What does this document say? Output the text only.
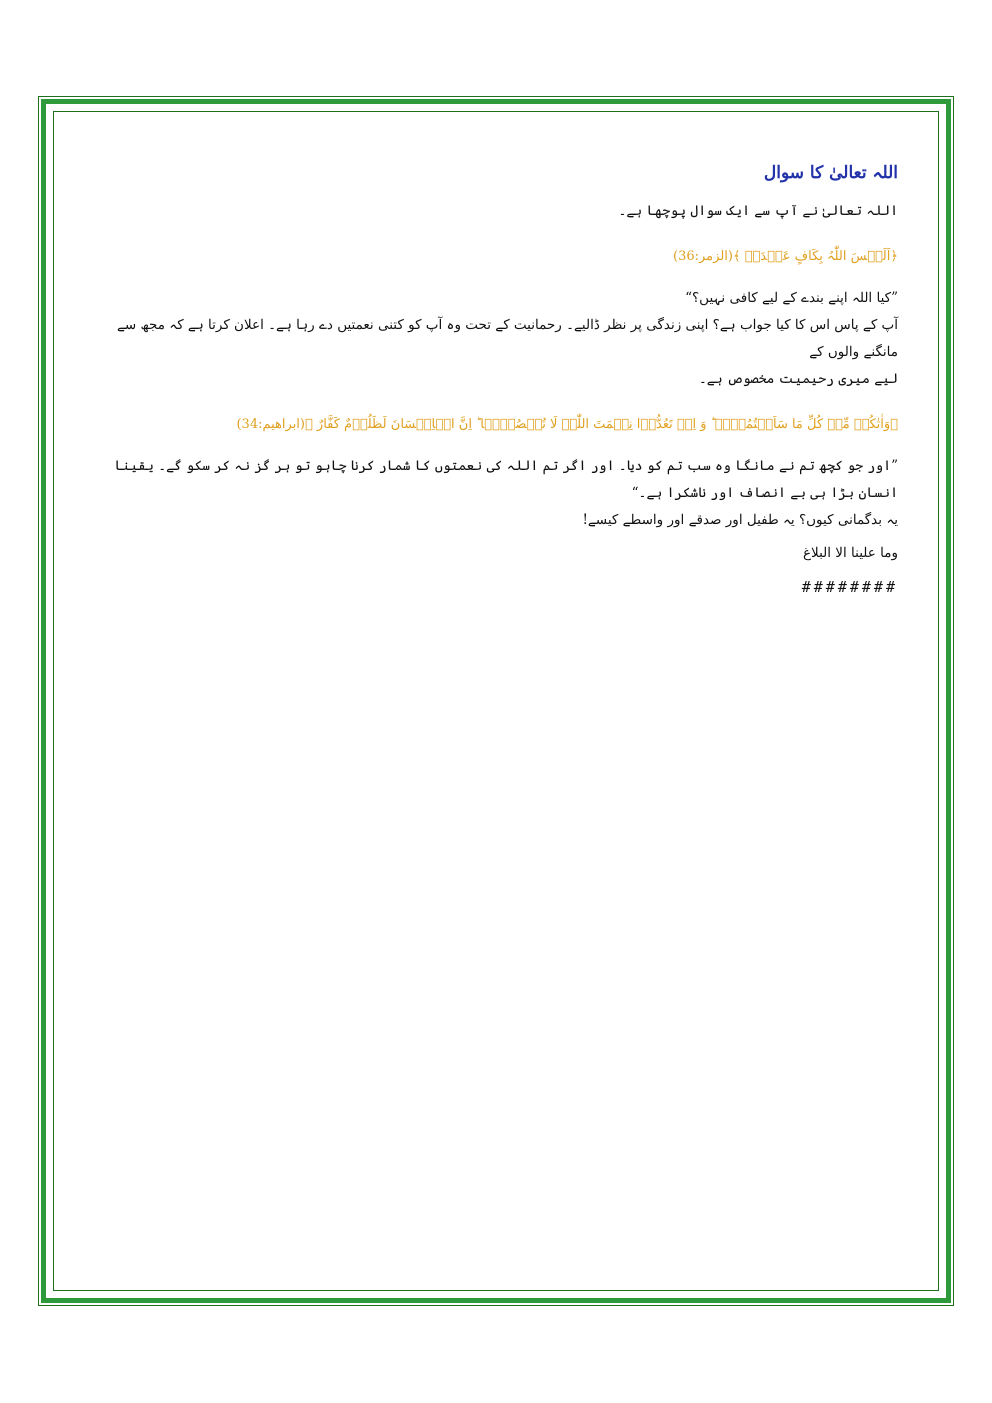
اللہ تعالیٰ کا سوال

اللہ تعالیٰ نے آپ سے ایک سوال پوچھا ہے۔

﴿اَلَیۡسَ اللّٰہُ بِکَافٍ عَبۡدَہٗ ﴾(الزمر:36)

”کیا اللہ اپنے بندے کے لیے کافی نہیں؟“

آپ کے پاس اس کا کیا جواب ہے؟ اپنی زندگی پر نظر ڈالیے۔ رحمانیت کے تحت وہ آپ کو کتنی نعمتیں دے رہا ہے۔ اعلان کرتا ہے کہ مجھ سے مانگنے والوں کے

لیے میری رحیمیت مخصوص ہے۔

﴿وَاٰتٰکُمۡ مِّنۡ کُلِّ مَا سَاَلۡتُمُوۡہُ ؕ وَ اِنۡ تَعُدُّوۡا نِعۡمَتَ اللّٰہِ لَا تُحۡصُوۡہَا ؕ اِنَّ الۡاِنۡسَانَ لَظَلُوۡمٌ کَفَّارٌ ﴾(ابراھیم:34)

”اور جو کچھ تم نے مانگا وہ سب تم کو دیا۔ اور اگر تم اللہ کی نعمتوں کا شمار کرنا چاہو تو ہر گز نہ کر سکو گے۔ یقینا انسان بڑا ہی بے انصاف اور ناشکرا ہے۔“

یہ بدگمانی کیوں؟ یہ طفیل اور صدقے اور واسطے کیسے!

وما علینا الا البلاغ

########
